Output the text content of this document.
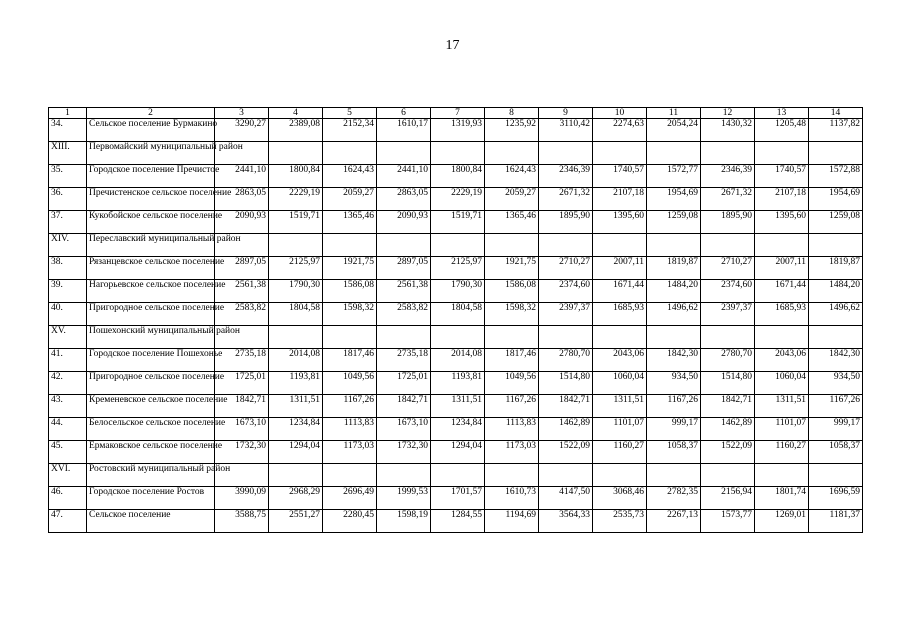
17
1	2	3	4	5	6	7	8	9	10	11	12	13	14
34.	Сельское поселение Бурмакино	3290,27	2389,08	2152,34	1610,17	1319,93	1235,92	3110,42	2274,63	2054,24	1430,32	1205,48	1137,82
XIII.	Первомайский муниципальный район												
35.	Городское поселение Пречистое	2441,10	1800,84	1624,43	2441,10	1800,84	1624,43	2346,39	1740,57	1572,77	2346,39	1740,57	1572,88
36.	Пречистенское сельское поселение	2863,05	2229,19	2059,27	2863,05	2229,19	2059,27	2671,32	2107,18	1954,69	2671,32	2107,18	1954,69
37.	Кукобойское сельское поселение	2090,93	1519,71	1365,46	2090,93	1519,71	1365,46	1895,90	1395,60	1259,08	1895,90	1395,60	1259,08
XIV.	Переславский муниципальный район												
38.	Рязанцевское сельское поселение	2897,05	2125,97	1921,75	2897,05	2125,97	1921,75	2710,27	2007,11	1819,87	2710,27	2007,11	1819,87
39.	Нагорьевское сельское поселение	2561,38	1790,30	1586,08	2561,38	1790,30	1586,08	2374,60	1671,44	1484,20	2374,60	1671,44	1484,20
40.	Пригородное сельское поселение	2583,82	1804,58	1598,32	2583,82	1804,58	1598,32	2397,37	1685,93	1496,62	2397,37	1685,93	1496,62
XV.	Пошехонский муниципальный район												
41.	Городское поселение Пошехонье	2735,18	2014,08	1817,46	2735,18	2014,08	1817,46	2780,70	2043,06	1842,30	2780,70	2043,06	1842,30
42.	Пригородное сельское поселение	1725,01	1193,81	1049,56	1725,01	1193,81	1049,56	1514,80	1060,04	934,50	1514,80	1060,04	934,50
43.	Кременевское сельское поселение	1842,71	1311,51	1167,26	1842,71	1311,51	1167,26	1842,71	1311,51	1167,26	1842,71	1311,51	1167,26
44.	Белосельское сельское поселение	1673,10	1234,84	1113,83	1673,10	1234,84	1113,83	1462,89	1101,07	999,17	1462,89	1101,07	999,17
45.	Ермаковское сельское поселение	1732,30	1294,04	1173,03	1732,30	1294,04	1173,03	1522,09	1160,27	1058,37	1522,09	1160,27	1058,37
XVI.	Ростовский муниципальный район												
46.	Городское поселение Ростов	3990,09	2968,29	2696,49	1999,53	1701,57	1610,73	4147,50	3068,46	2782,35	2156,94	1801,74	1696,59
47.	Сельское поселение	3588,75	2551,27	2280,45	1598,19	1284,55	1194,69	3564,33	2535,73	2267,13	1573,77	1269,01	1181,37
